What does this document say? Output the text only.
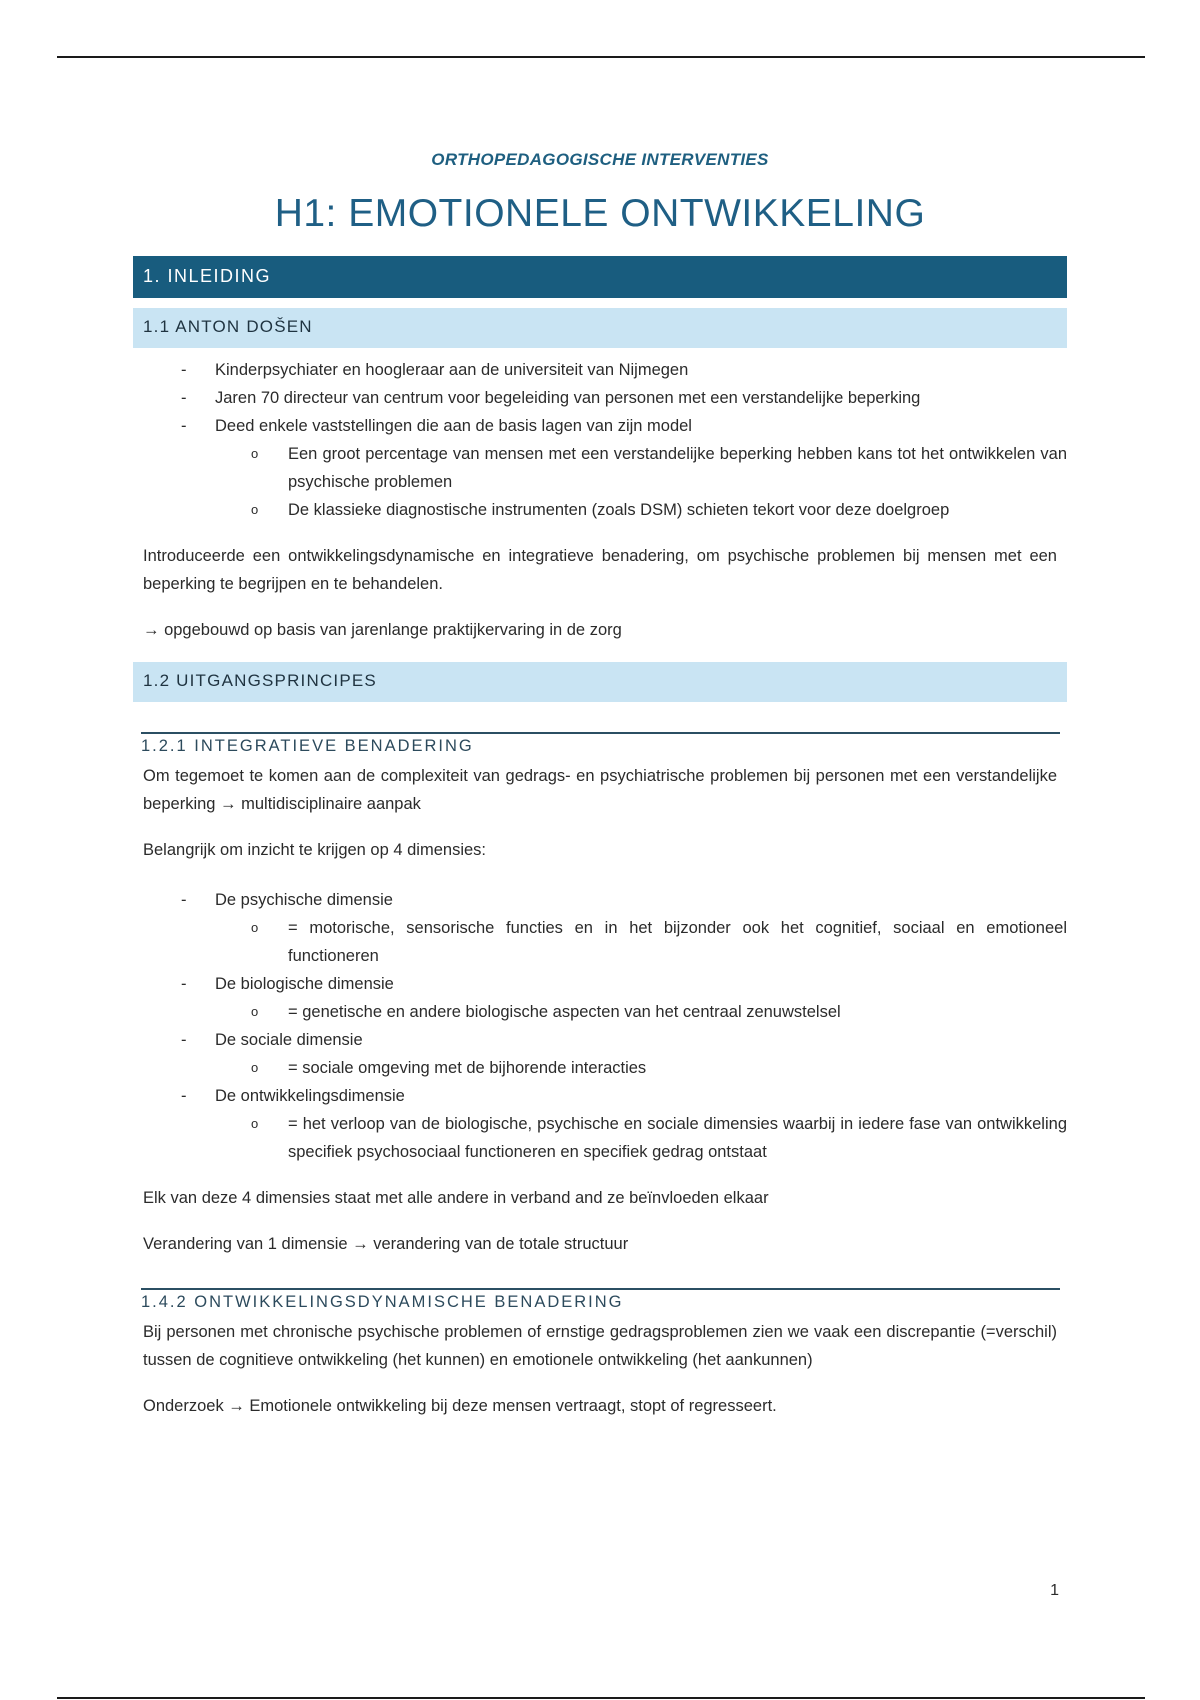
ORTHOPEDAGOGISCHE INTERVENTIES
H1: EMOTIONELE ONTWIKKELING
1. INLEIDING
1.1 ANTON DOŠEN
- Kinderpsychiater en hoogleraar aan de universiteit van Nijmegen
- Jaren 70 directeur van centrum voor begeleiding van personen met een verstandelijke beperking
- Deed enkele vaststellingen die aan de basis lagen van zijn model
o Een groot percentage van mensen met een verstandelijke beperking hebben kans tot het ontwikkelen van psychische problemen
o De klassieke diagnostische instrumenten (zoals DSM) schieten tekort voor deze doelgroep

Introduceerde een ontwikkelingsdynamische en integratieve benadering, om psychische problemen bij mensen met een beperking te begrijpen en te behandelen.

→ opgebouwd op basis van jarenlange praktijkervaring in de zorg

1.2 UITGANGSPRINCIPES
1.2.1 INTEGRATIEVE BENADERING

Om tegemoet te komen aan de complexiteit van gedrags- en psychiatrische problemen bij personen met een verstandelijke beperking → multidisciplinaire aanpak

Belangrijk om inzicht te krijgen op 4 dimensies:

- De psychische dimensie
o = motorische, sensorische functies en in het bijzonder ook het cognitief, sociaal en emotioneel functioneren
- De biologische dimensie
o = genetische en andere biologische aspecten van het centraal zenuwstelsel
- De sociale dimensie
o = sociale omgeving met de bijhorende interacties
- De ontwikkelingsdimensie
o = het verloop van de biologische, psychische en sociale dimensies waarbij in iedere fase van ontwikkeling specifiek psychosociaal functioneren en specifiek gedrag ontstaat

Elk van deze 4 dimensies staat met alle andere in verband and ze beïnvloeden elkaar

Verandering van 1 dimensie → verandering van de totale structuur

1.4.2 ONTWIKKELINGSDYNAMISCHE BENADERING

Bij personen met chronische psychische problemen of ernstige gedragsproblemen zien we vaak een discrepantie (=verschil) tussen de cognitieve ontwikkeling (het kunnen) en emotionele ontwikkeling (het aankunnen)

Onderzoek → Emotionele ontwikkeling bij deze mensen vertraagt, stopt of regresseert.

1
